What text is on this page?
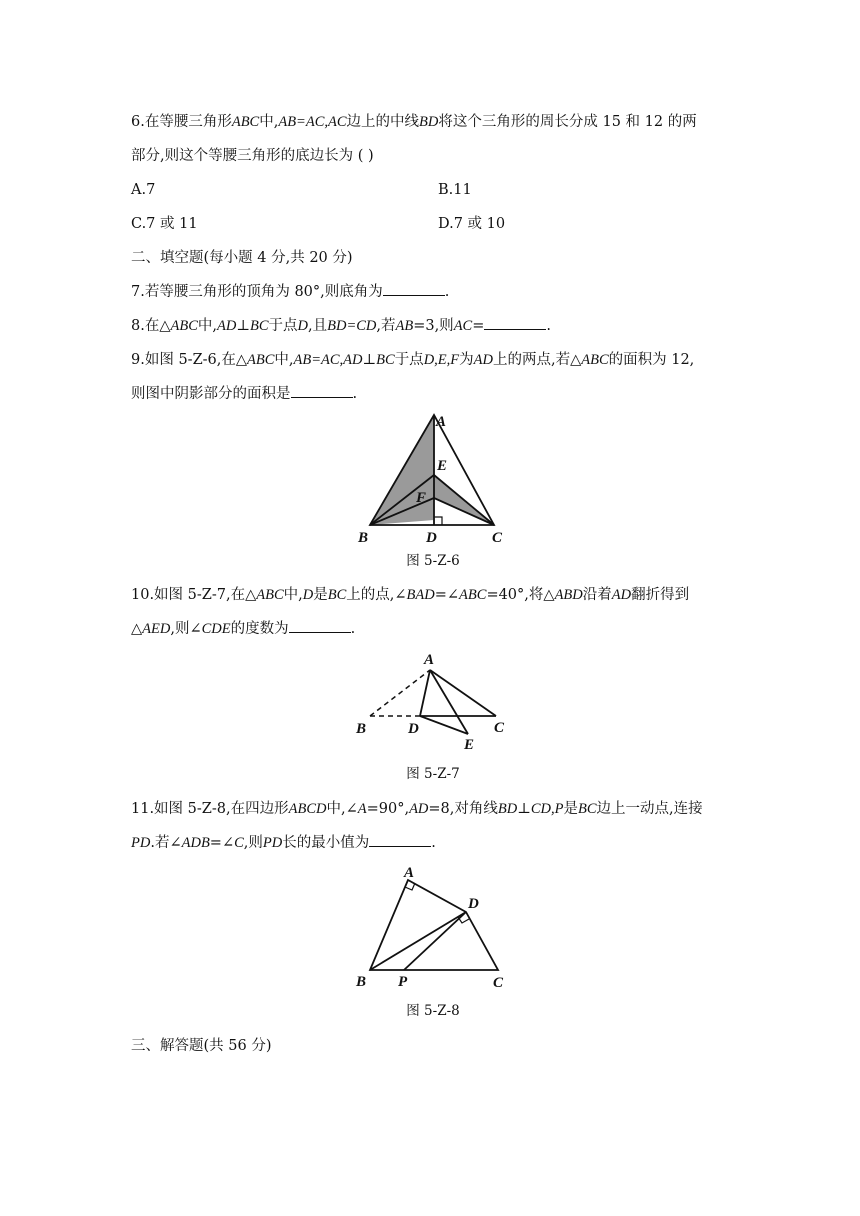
6.在等腰三角形ABC中,AB=AC,AC边上的中线BD将这个三角形的周长分成 15 和 12 的两
部分,则这个等腰三角形的底边长为 ( )
A.7	B.11
C.7 或 11	D.7 或 10
二、填空题(每小题 4 分,共 20 分)
7.若等腰三角形的顶角为 80°,则底角为	.
8.在△ABC中,AD⊥BC于点D,且BD=CD,若AB=3,则AC=	.
9.如图 5-Z-6,在△ABC中,AB=AC,AD⊥BC于点D,E,F为AD上的两点,若△ABC的面积为 12,
则图中阴影部分的面积是	.
A
E
F
B	D	C
图 5-Z-6
10.如图 5-Z-7,在△ABC中,D是BC上的点,∠BAD=∠ABC=40°,将△ABD沿着AD翻折得到
△AED,则∠CDE的度数为	.
A
B	D	C
E
图 5-Z-7
11.如图 5-Z-8,在四边形ABCD中,∠A=90°,AD=8,对角线BD⊥CD,P是BC边上一动点,连接
PD.若∠ADB=∠C,则PD长的最小值为	.
A
D
B P	C
图 5-Z-8
三、解答题(共 56 分)
